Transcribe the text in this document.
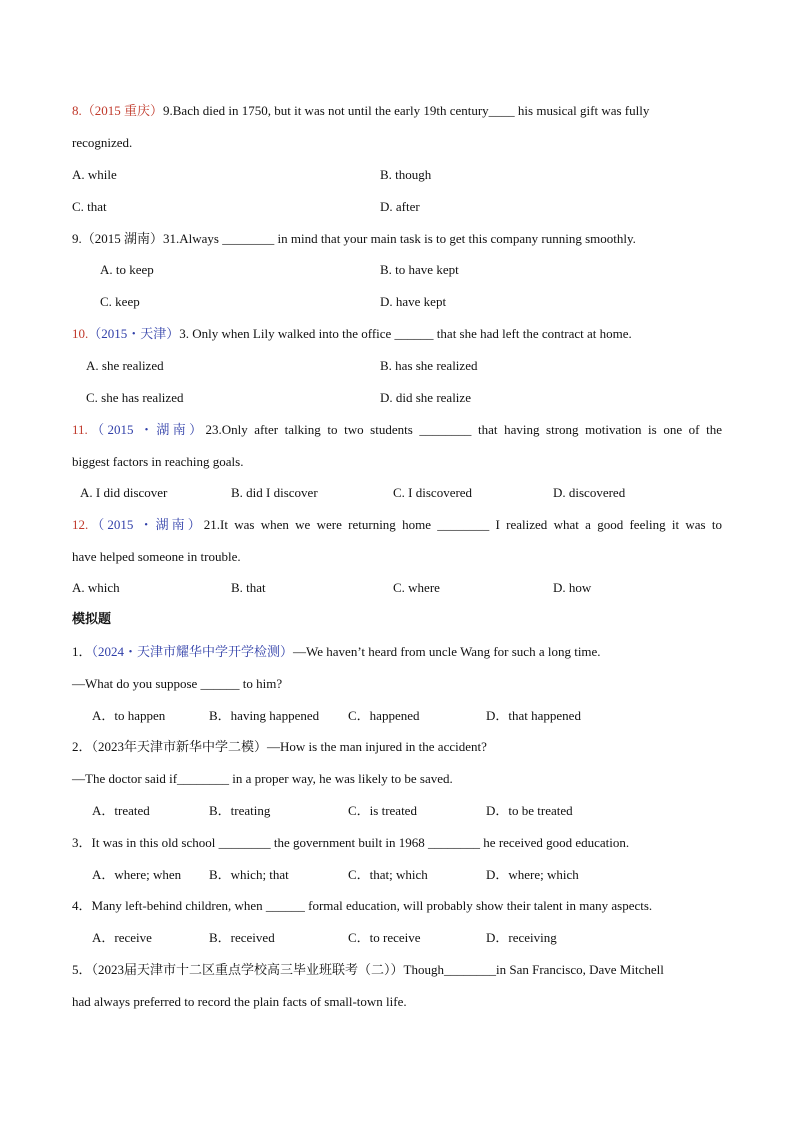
8.（2015 重庆）9.Bach died in 1750, but it was not until the early 19th century____ his musical gift was fully
recognized.
A. while	B. though
C. that	D. after
9.（2015 湖南）31.Always ________ in mind that your main task is to get this company running smoothly.
A. to keep	B. to have kept
C. keep	D. have kept
10.（2015・天津）3. Only when Lily walked into the office ______ that she had left the contract at home.
A. she realized	B. has she realized
C. she has realized	D. did she realize
11.（2015 ・湖南）23.Only after talking to two students ________ that having strong motivation is one of the
biggest factors in reaching goals.
A. I did discover	B. did I discover	C. I discovered	D. discovered
12.（2015 ・湖南）21.It was when we were returning home ________ I realized what a good feeling it was to
have helped someone in trouble.
A. which	B. that	C. where	D. how
模拟题
1．（2024・天津市耀华中学开学检测）—We haven’t heard from uncle Wang for such a long time.
—What do you suppose ______ to him?
A．to happen	B．having happened C．happened	D．that happened
2．（2023年天津市新华中学二模）—How is the man injured in the accident?
—The doctor said if________ in a proper way, he was likely to be saved.
A．treated	B．treating	C．is treated	D．to be treated
3．It was in this old school ________ the government built in 1968 ________ he received good education.
A．where; when B．which; that	C．that; which	D．where; which
4．Many left-behind children, when ______ formal education, will probably show their talent in many aspects.
A．receive	B．received	C．to receive	D．receiving
5．（2023届天津市十二区重点学校高三毕业班联考（二））Though________in San Francisco, Dave Mitchell
had always preferred to record the plain facts of small-town life.
